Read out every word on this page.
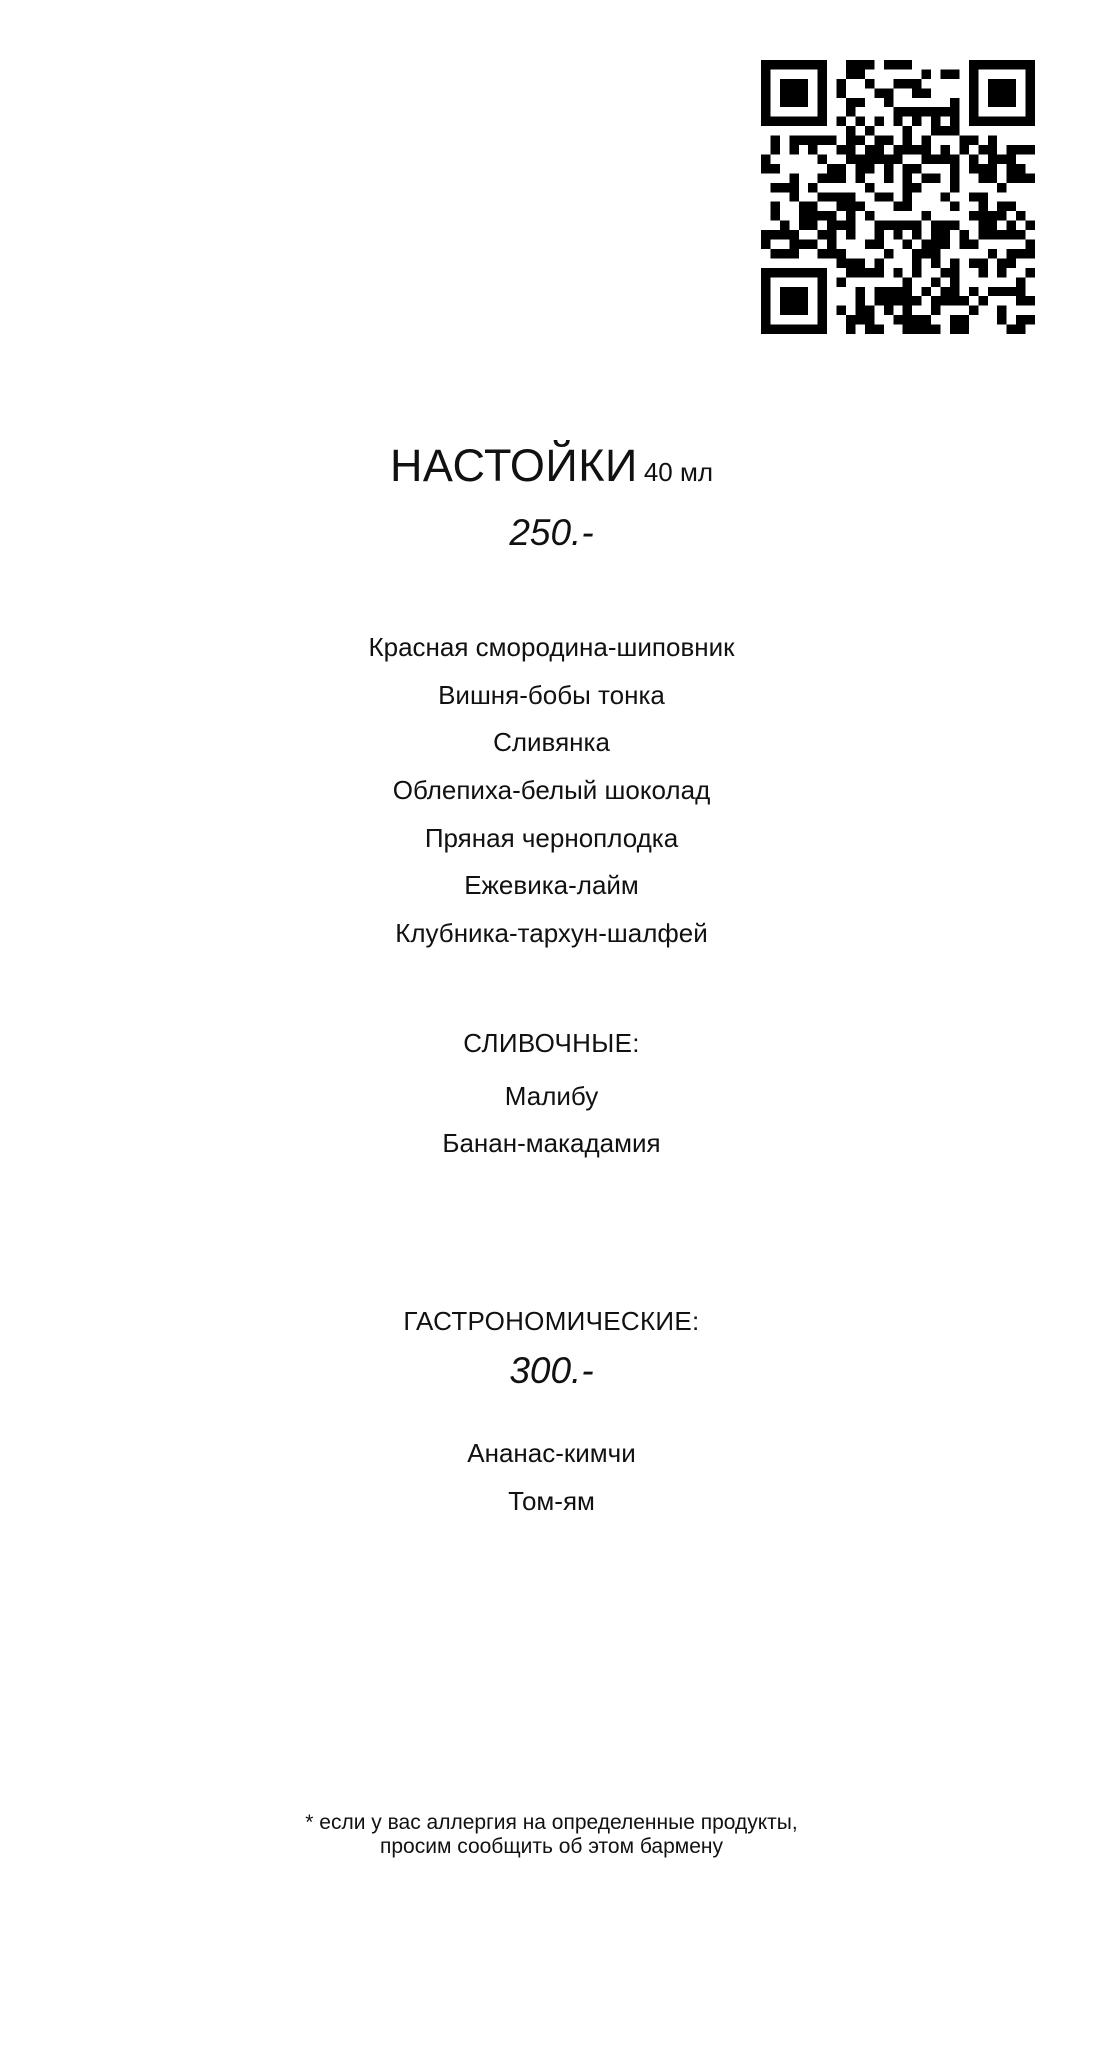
НАСТОЙКИ 40 мл
250.-
Красная смородина-шиповник
Вишня-бобы тонка
Сливянка
Облепиха-белый шоколад
Пряная черноплодка
Ежевика-лайм
Клубника-тархун-шалфей
СЛИВОЧНЫЕ:
Малибу
Банан-макадамия
ГАСТРОНОМИЧЕСКИЕ:
300.-
Ананас-кимчи
Том-ям
* если у вас аллергия на определенные продукты,
просим сообщить об этом бармену
